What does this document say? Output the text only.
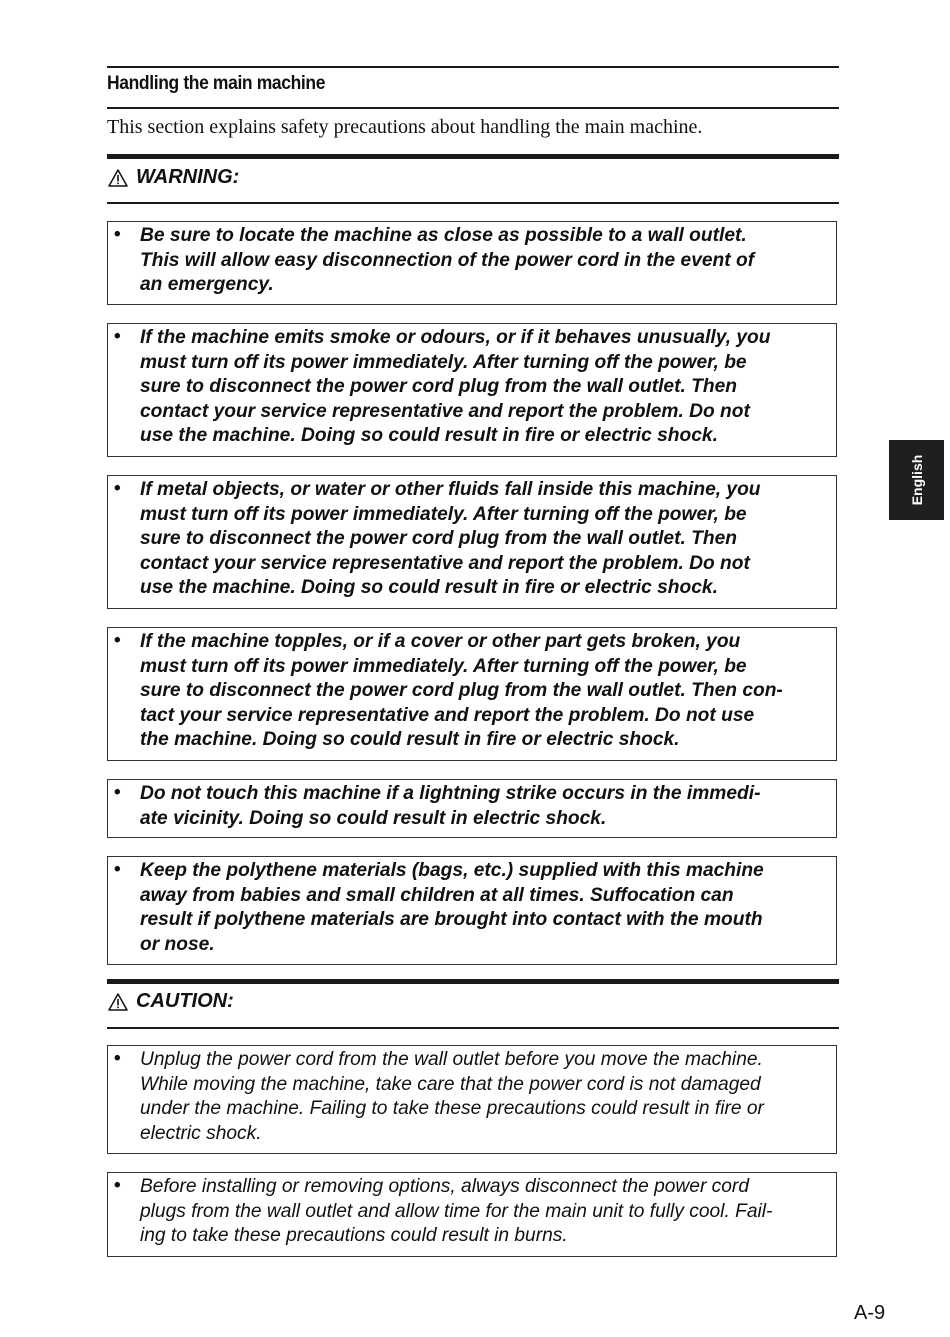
Handling the main machine
This section explains safety precautions about handling the main machine.
WARNING:
• Be sure to locate the machine as close as possible to a wall outlet.
This will allow easy disconnection of the power cord in the event of
an emergency.
• If the machine emits smoke or odours, or if it behaves unusually, you
must turn off its power immediately. After turning off the power, be
sure to disconnect the power cord plug from the wall outlet. Then
contact your service representative and report the problem. Do not
use the machine. Doing so could result in fire or electric shock.
• If metal objects, or water or other fluids fall inside this machine, you
must turn off its power immediately. After turning off the power, be
sure to disconnect the power cord plug from the wall outlet. Then
contact your service representative and report the problem. Do not
use the machine. Doing so could result in fire or electric shock.
• If the machine topples, or if a cover or other part gets broken, you
must turn off its power immediately. After turning off the power, be
sure to disconnect the power cord plug from the wall outlet. Then con-
tact your service representative and report the problem. Do not use
the machine. Doing so could result in fire or electric shock.
• Do not touch this machine if a lightning strike occurs in the immedi-
ate vicinity. Doing so could result in electric shock.
• Keep the polythene materials (bags, etc.) supplied with this machine
away from babies and small children at all times. Suffocation can
result if polythene materials are brought into contact with the mouth
or nose.
CAUTION:
• Unplug the power cord from the wall outlet before you move the machine.
While moving the machine, take care that the power cord is not damaged
under the machine. Failing to take these precautions could result in fire or
electric shock.
• Before installing or removing options, always disconnect the power cord
plugs from the wall outlet and allow time for the main unit to fully cool. Fail-
ing to take these precautions could result in burns.
English
A-9
